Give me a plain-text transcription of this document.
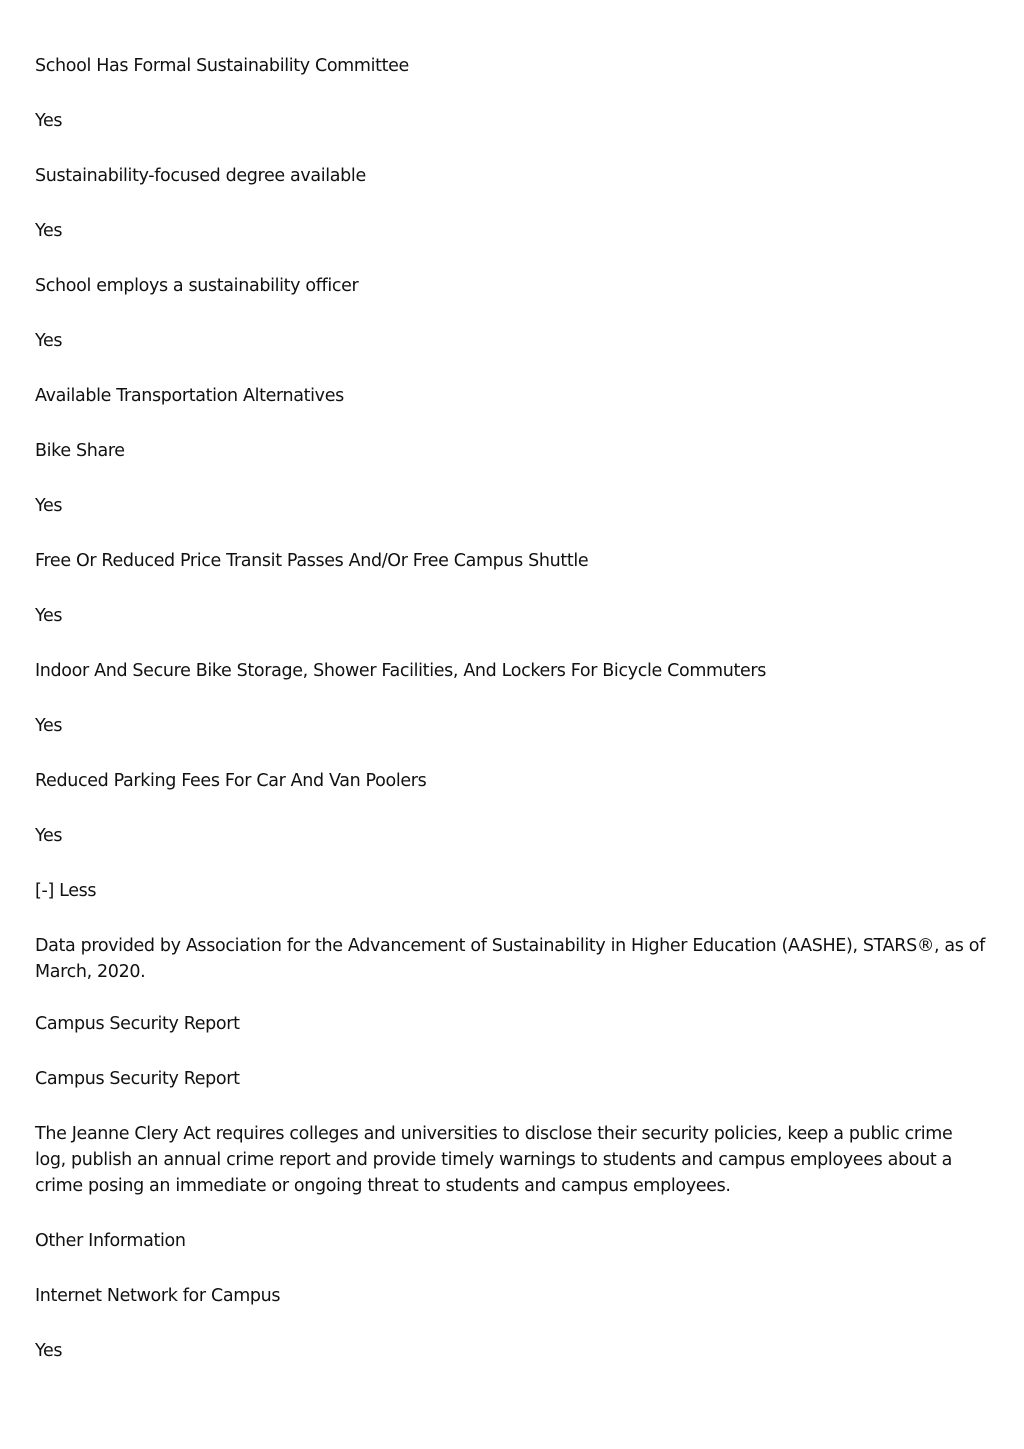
School Has Formal Sustainability Committee

Yes

Sustainability-focused degree available

Yes

School employs a sustainability officer

Yes

Available Transportation Alternatives

Bike Share

Yes

Free Or Reduced Price Transit Passes And/Or Free Campus Shuttle

Yes

Indoor And Secure Bike Storage, Shower Facilities, And Lockers For Bicycle Commuters

Yes

Reduced Parking Fees For Car And Van Poolers

Yes

[-] Less

Data provided by Association for the Advancement of Sustainability in Higher Education (AASHE), STARS®, as of March, 2020.

Campus Security Report

Campus Security Report

The Jeanne Clery Act requires colleges and universities to disclose their security policies, keep a public crime log, publish an annual crime report and provide timely warnings to students and campus employees about a crime posing an immediate or ongoing threat to students and campus employees.

Other Information

Internet Network for Campus

Yes
